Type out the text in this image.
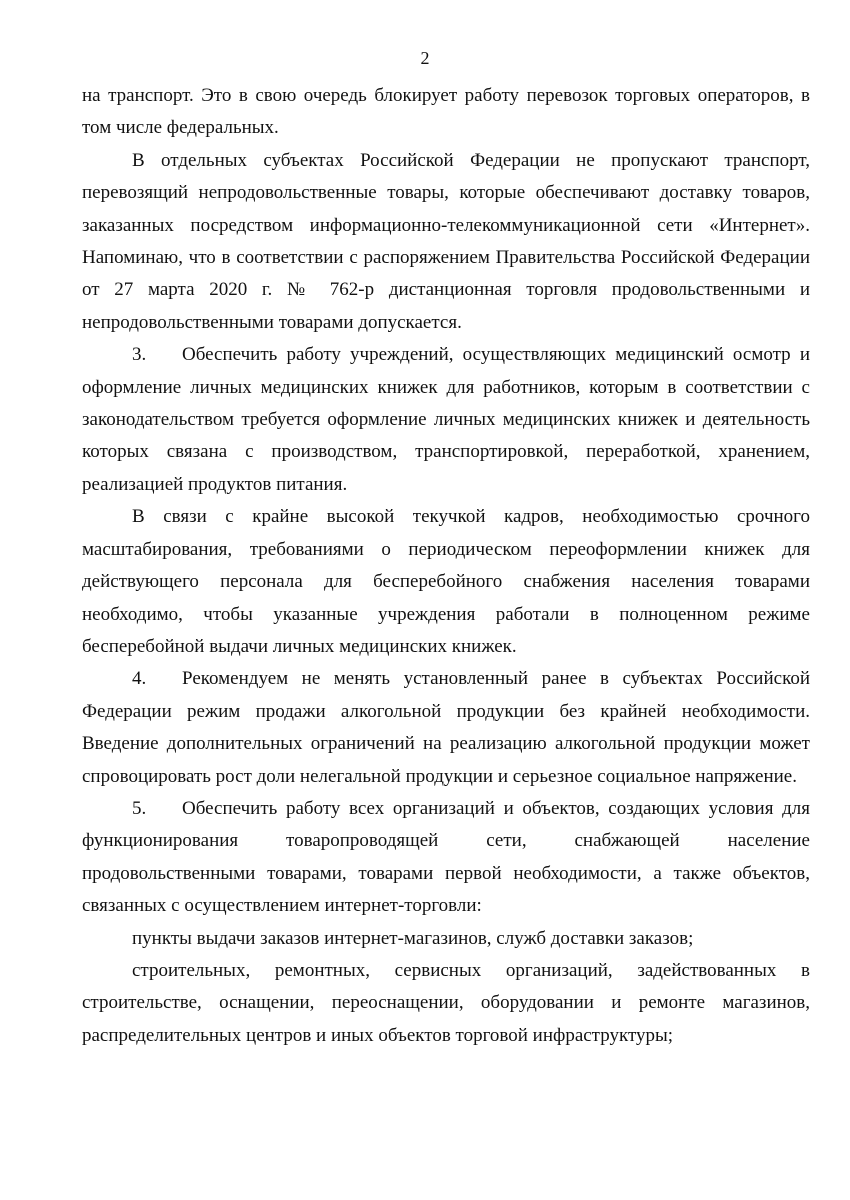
2

на транспорт. Это в свою очередь блокирует работу перевозок торговых операторов, в том числе федеральных.

В отдельных субъектах Российской Федерации не пропускают транспорт, перевозящий непродовольственные товары, которые обеспечивают доставку товаров, заказанных посредством информационно-телекоммуникационной сети «Интернет». Напоминаю, что в соответствии с распоряжением Правительства Российской Федерации от 27 марта 2020 г. № 762-р дистанционная торговля продовольственными и непродовольственными товарами допускается.

3. Обеспечить работу учреждений, осуществляющих медицинский осмотр и оформление личных медицинских книжек для работников, которым в соответствии с законодательством требуется оформление личных медицинских книжек и деятельность которых связана с производством, транспортировкой, переработкой, хранением, реализацией продуктов питания.

В связи с крайне высокой текучкой кадров, необходимостью срочного масштабирования, требованиями о периодическом переоформлении книжек для действующего персонала для бесперебойного снабжения населения товарами необходимо, чтобы указанные учреждения работали в полноценном режиме бесперебойной выдачи личных медицинских книжек.

4. Рекомендуем не менять установленный ранее в субъектах Российской Федерации режим продажи алкогольной продукции без крайней необходимости. Введение дополнительных ограничений на реализацию алкогольной продукции может спровоцировать рост доли нелегальной продукции и серьезное социальное напряжение.

5. Обеспечить работу всех организаций и объектов, создающих условия для функционирования товаропроводящей сети, снабжающей население продовольственными товарами, товарами первой необходимости, а также объектов, связанных с осуществлением интернет-торговли:

пункты выдачи заказов интернет-магазинов, служб доставки заказов;

строительных, ремонтных, сервисных организаций, задействованных в строительстве, оснащении, переоснащении, оборудовании и ремонте магазинов, распределительных центров и иных объектов торговой инфраструктуры;
